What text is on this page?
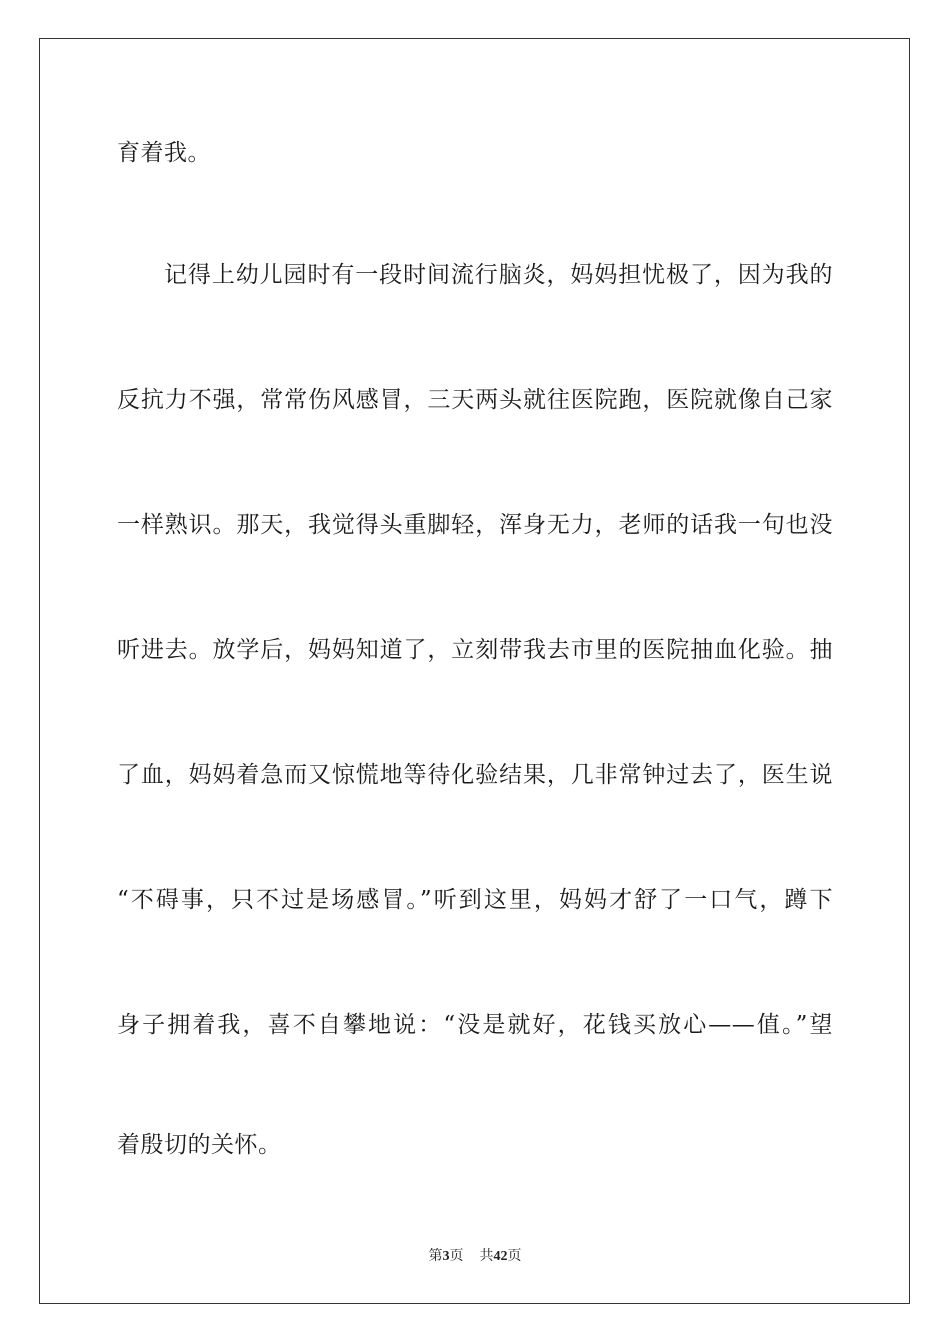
育着我。
记得上幼儿园时有一段时间流行脑炎，妈妈担忧极了，因为我的
反抗力不强，常常伤风感冒，三天两头就往医院跑，医院就像自己家
一样熟识。那天，我觉得头重脚轻，浑身无力，老师的话我一句也没
听进去。放学后，妈妈知道了，立刻带我去市里的医院抽血化验。抽
了血，妈妈着急而又惊慌地等待化验结果，几非常钟过去了，医生说
“不碍事，只不过是场感冒。”听到这里，妈妈才舒了一口气，蹲下
身子拥着我，喜不自攀地说：“没是就好，花钱买放心——值。”望
着殷切的关怀。
第3页 共42页
